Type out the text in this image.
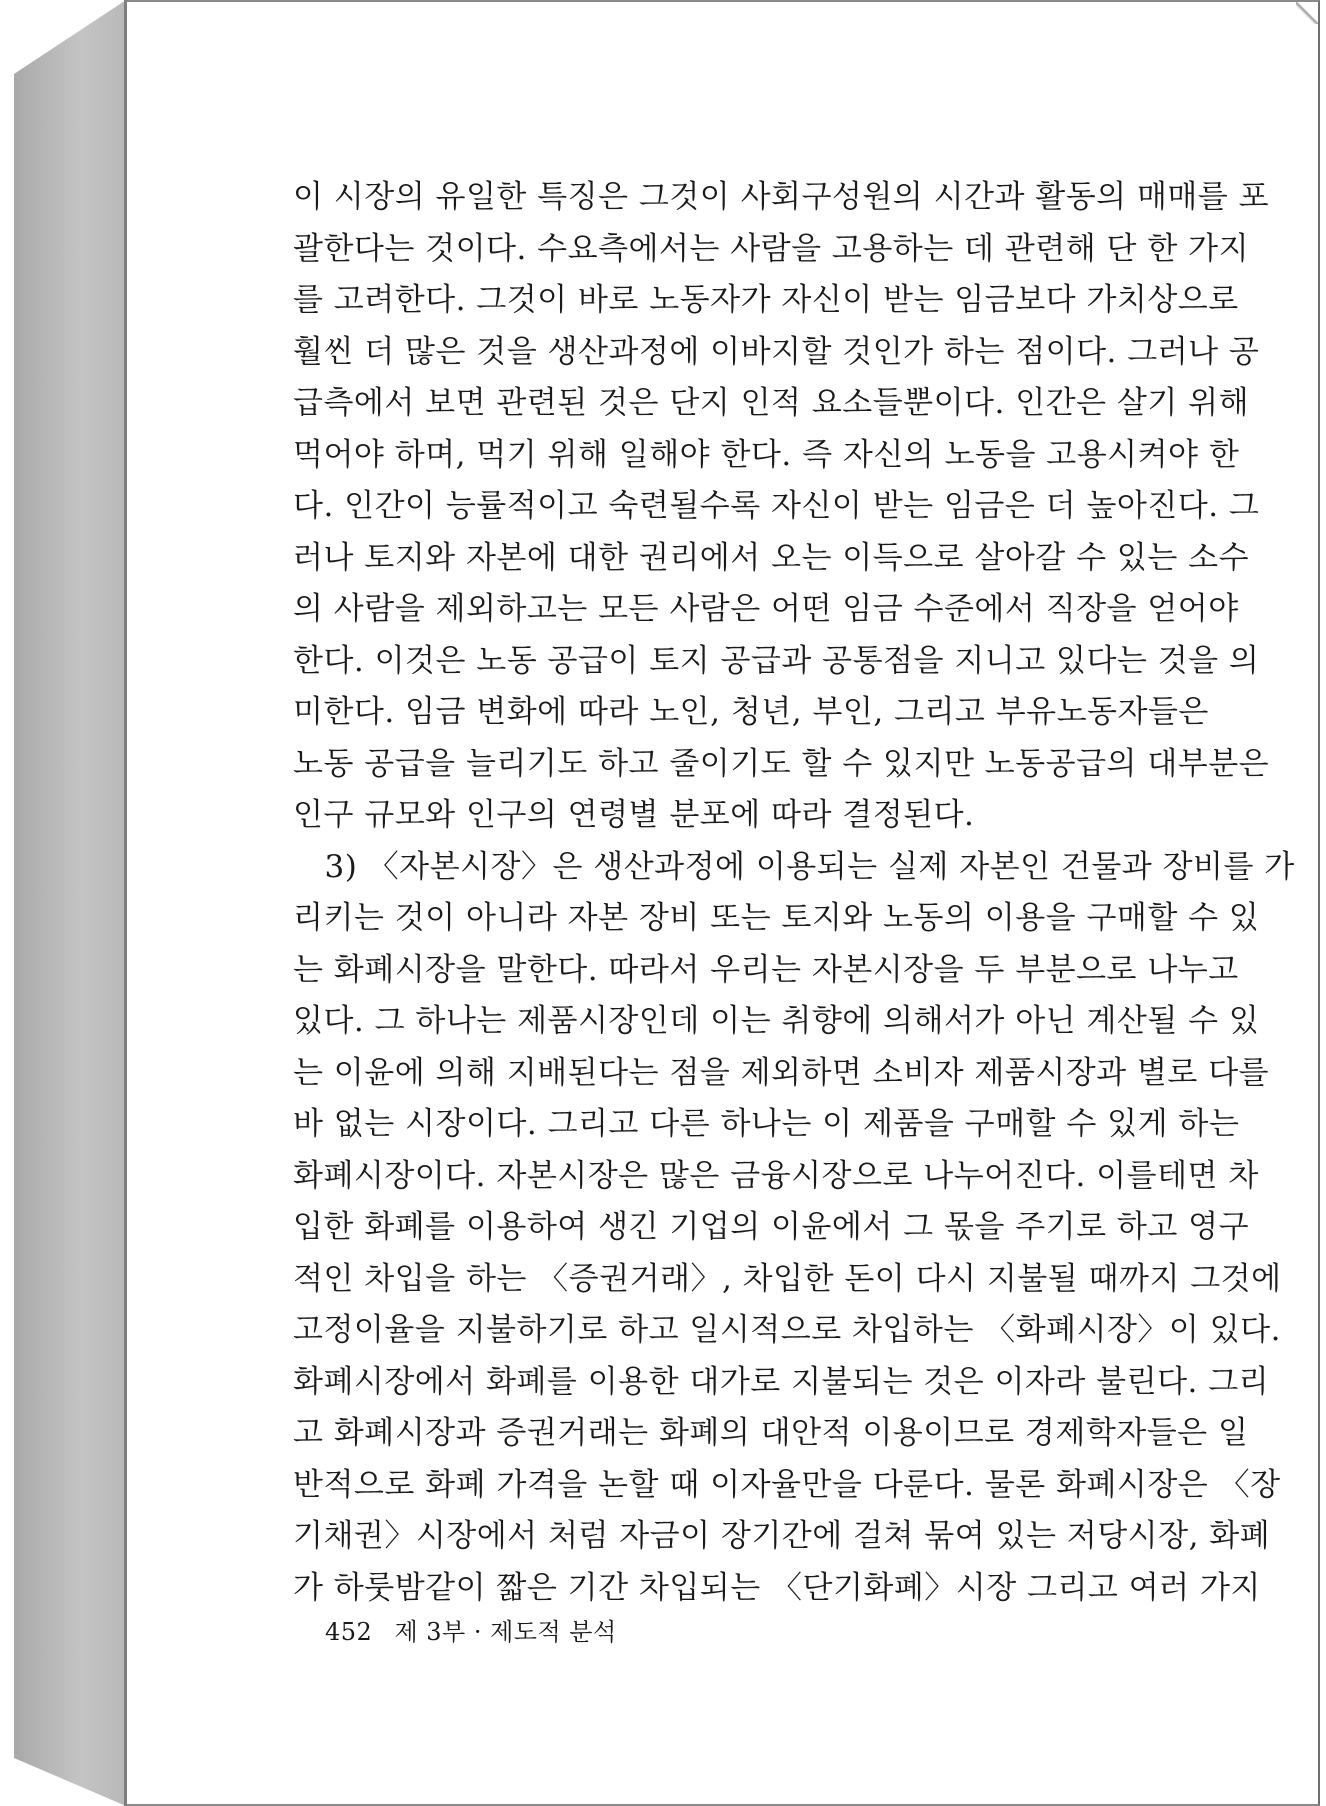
이 시장의 유일한 특징은 그것이 사회구성원의 시간과 활동의 매매를 포
괄한다는 것이다. 수요측에서는 사람을 고용하는 데 관련해 단 한 가지
를 고려한다. 그것이 바로 노동자가 자신이 받는 임금보다 가치상으로
훨씬 더 많은 것을 생산과정에 이바지할 것인가 하는 점이다. 그러나 공
급측에서 보면 관련된 것은 단지 인적 요소들뿐이다. 인간은 살기 위해
먹어야 하며, 먹기 위해 일해야 한다. 즉 자신의 노동을 고용시켜야 한
다. 인간이 능률적이고 숙련될수록 자신이 받는 임금은 더 높아진다. 그
러나 토지와 자본에 대한 권리에서 오는 이득으로 살아갈 수 있는 소수
의 사람을 제외하고는 모든 사람은 어떤 임금 수준에서 직장을 얻어야
한다. 이것은 노동 공급이 토지 공급과 공통점을 지니고 있다는 것을 의
미한다. 임금 변화에 따라 노인, 청년, 부인, 그리고 부유노동자들은
노동 공급을 늘리기도 하고 줄이기도 할 수 있지만 노동공급의 대부분은
인구 규모와 인구의 연령별 분포에 따라 결정된다.
　3) 〈자본시장〉은 생산과정에 이용되는 실제 자본인 건물과 장비를 가
리키는 것이 아니라 자본 장비 또는 토지와 노동의 이용을 구매할 수 있
는 화폐시장을 말한다. 따라서 우리는 자본시장을 두 부분으로 나누고
있다. 그 하나는 제품시장인데 이는 취향에 의해서가 아닌 계산될 수 있
는 이윤에 의해 지배된다는 점을 제외하면 소비자 제품시장과 별로 다를
바 없는 시장이다. 그리고 다른 하나는 이 제품을 구매할 수 있게 하는
화폐시장이다. 자본시장은 많은 금융시장으로 나누어진다. 이를테면 차
입한 화폐를 이용하여 생긴 기업의 이윤에서 그 몫을 주기로 하고 영구
적인 차입을 하는 〈증권거래〉, 차입한 돈이 다시 지불될 때까지 그것에
고정이율을 지불하기로 하고 일시적으로 차입하는 〈화폐시장〉이 있다.
화폐시장에서 화폐를 이용한 대가로 지불되는 것은 이자라 불린다. 그리
고 화폐시장과 증권거래는 화폐의 대안적 이용이므로 경제학자들은 일
반적으로 화폐 가격을 논할 때 이자율만을 다룬다. 물론 화폐시장은 〈장
기채권〉시장에서 처럼 자금이 장기간에 걸쳐 묶여 있는 저당시장, 화폐
가 하룻밤같이 짧은 기간 차입되는 〈단기화폐〉시장 그리고 여러 가지
452 제 3부 · 제도적 분석
